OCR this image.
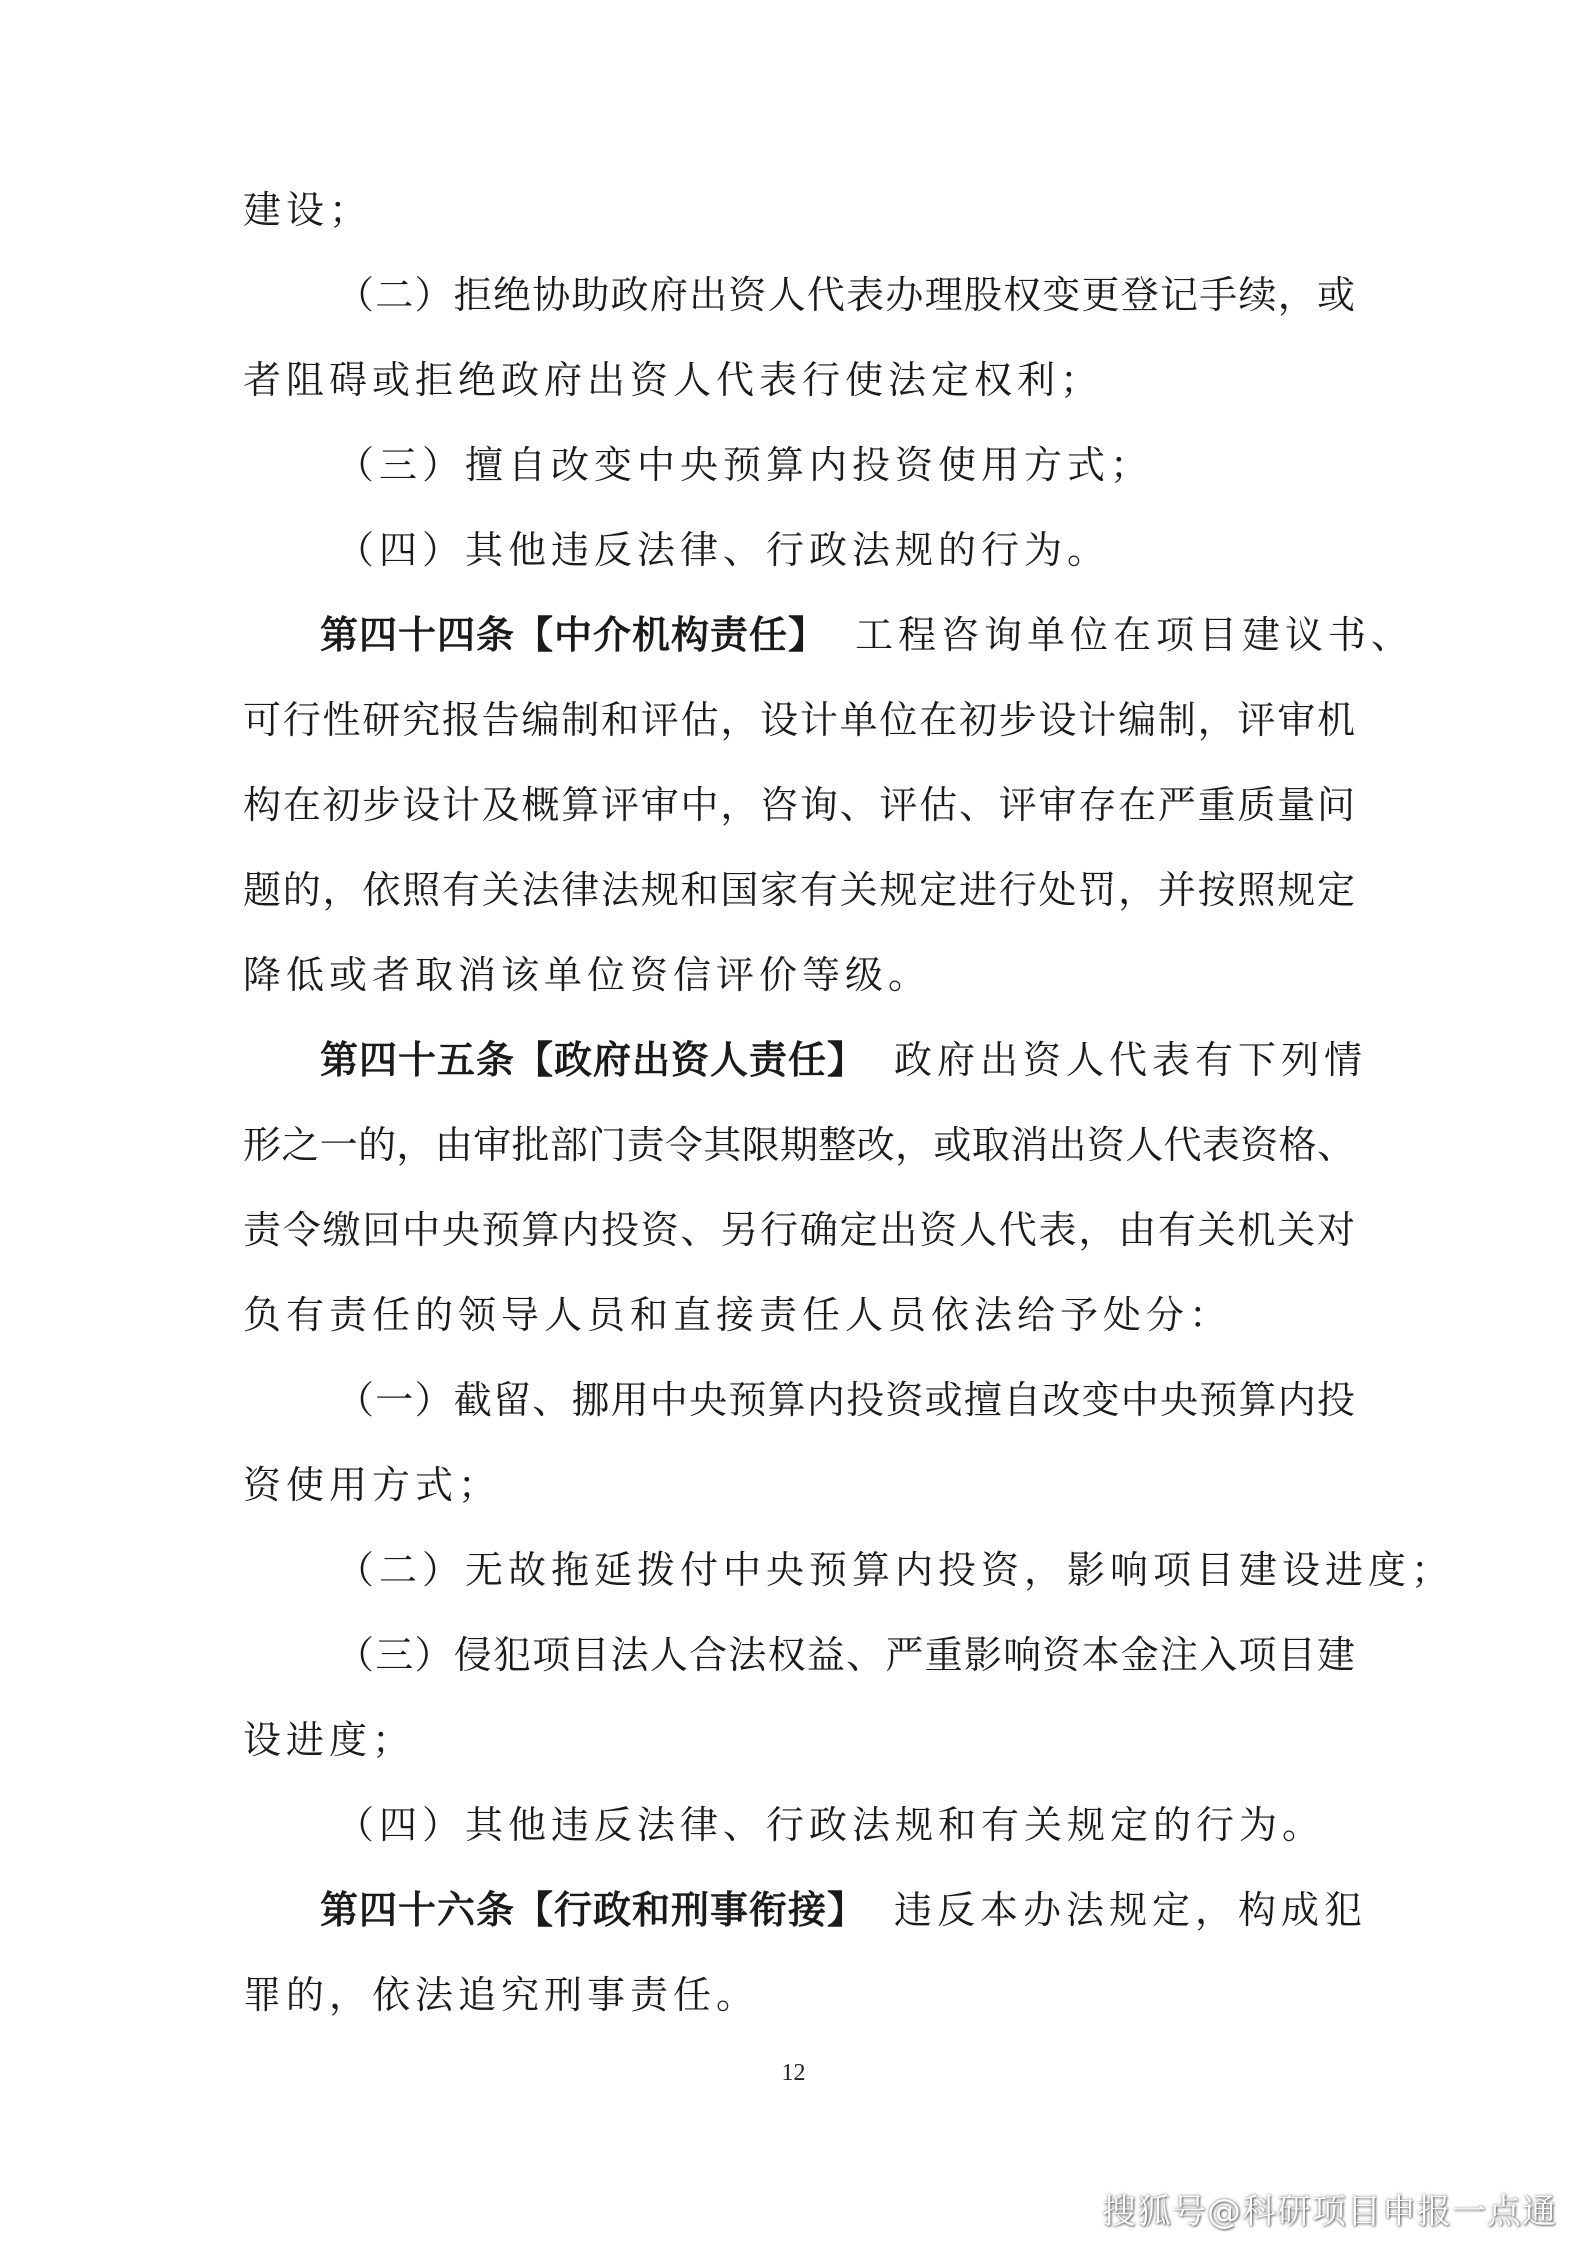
建设；
（二）拒绝协助政府出资人代表办理股权变更登记手续，或
者阻碍或拒绝政府出资人代表行使法定权利；
（三）擅自改变中央预算内投资使用方式；
（四）其他违反法律、行政法规的行为。
第四十四条【中介机构责任】 工程咨询单位在项目建议书、
可行性研究报告编制和评估，设计单位在初步设计编制，评审机
构在初步设计及概算评审中，咨询、评估、评审存在严重质量问
题的，依照有关法律法规和国家有关规定进行处罚，并按照规定
降低或者取消该单位资信评价等级。
第四十五条【政府出资人责任】 政府出资人代表有下列情
形之一的，由审批部门责令其限期整改，或取消出资人代表资格、
责令缴回中央预算内投资、另行确定出资人代表，由有关机关对
负有责任的领导人员和直接责任人员依法给予处分：
（一）截留、挪用中央预算内投资或擅自改变中央预算内投
资使用方式；
（二）无故拖延拨付中央预算内投资，影响项目建设进度；
（三）侵犯项目法人合法权益、严重影响资本金注入项目建
设进度；
（四）其他违反法律、行政法规和有关规定的行为。
第四十六条【行政和刑事衔接】 违反本办法规定，构成犯
罪的，依法追究刑事责任。
12
搜狐号@科研项目申报一点通
